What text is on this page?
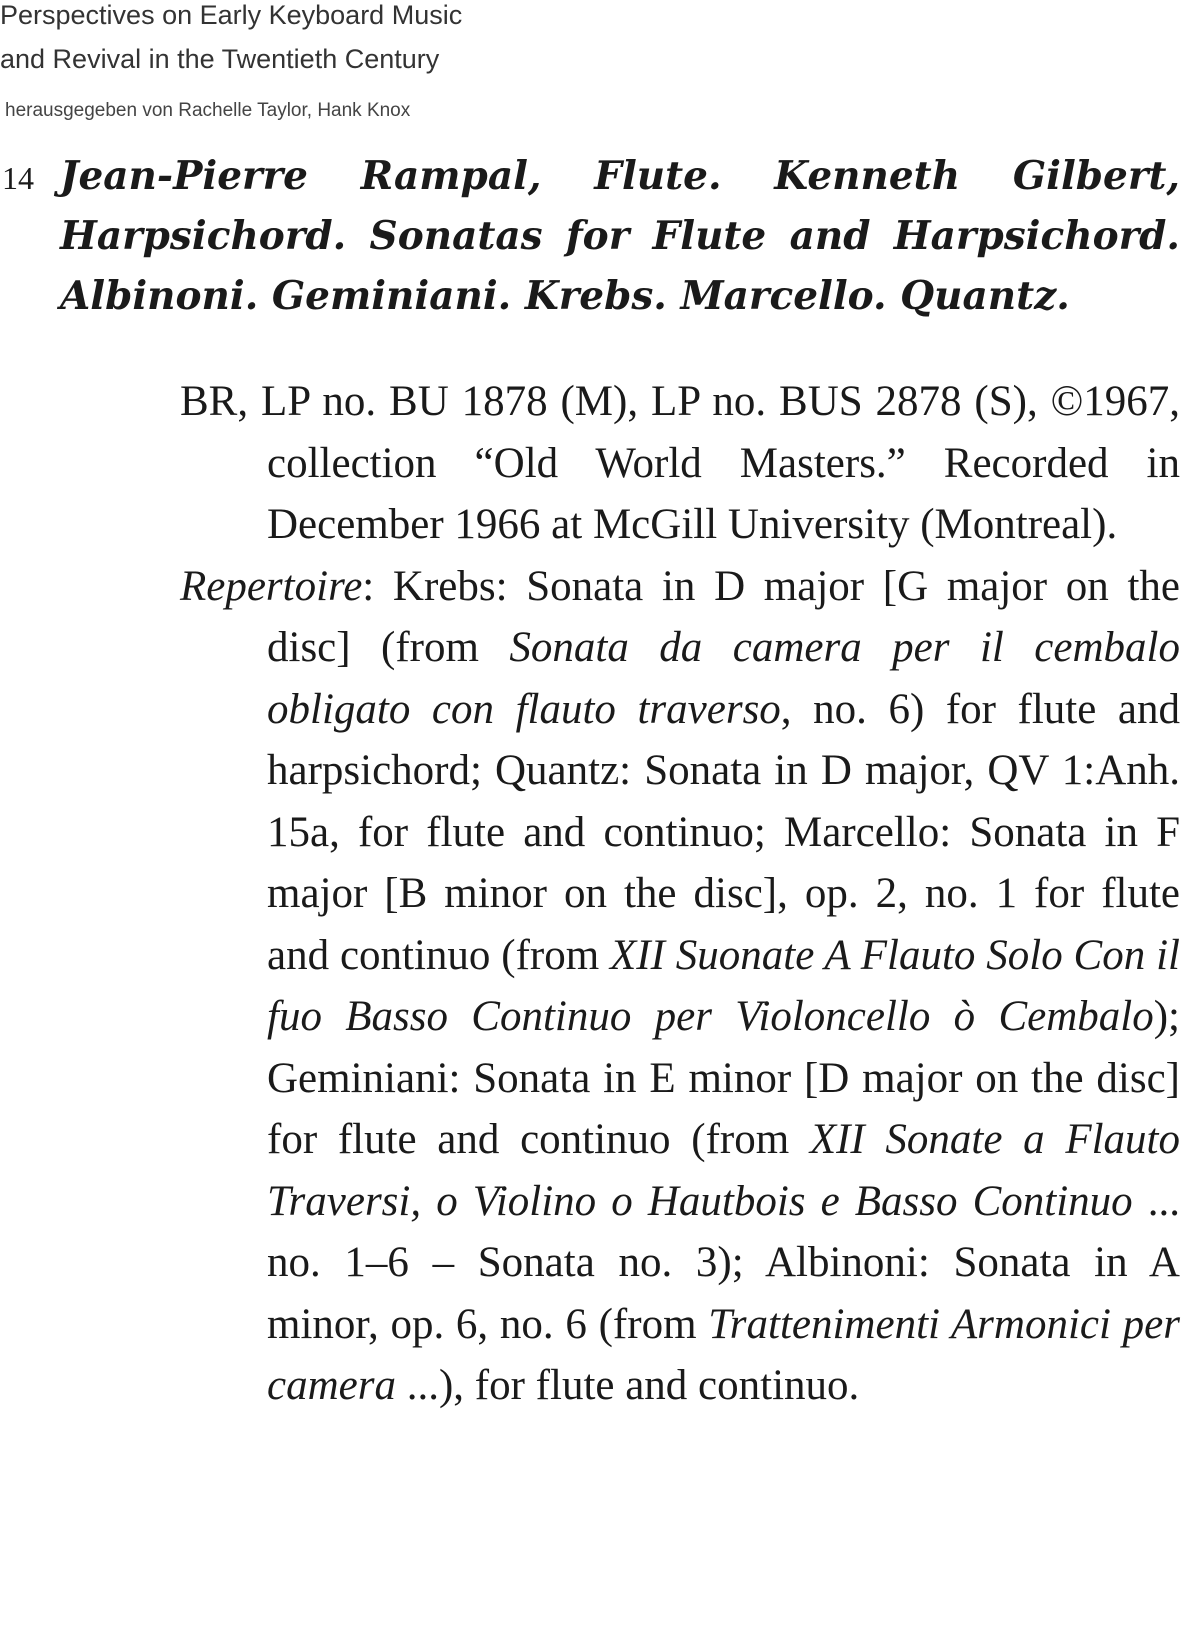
Perspectives on Early Keyboard Music
and Revival in the Twentieth Century
herausgegeben von Rachelle Taylor, Hank Knox
14 Jean-Pierre Rampal, Flute. Kenneth Gilbert, Harpsichord. Sonatas for Flute and Harpsichord. Albinoni. Geminiani. Krebs. Marcello. Quantz.

BR, LP no. BU 1878 (M), LP no. BUS 2878 (S), ©1967, collection “Old World Masters.” Recorded in December 1966 at McGill University (Montreal).

Repertoire: Krebs: Sonata in D major [G major on the disc] (from Sonata da camera per il cembalo obligato con flauto traverso, no. 6) for flute and harpsichord; Quantz: Sonata in D major, QV 1:Anh. 15a, for flute and continuo; Marcello: Sonata in F major [B minor on the disc], op. 2, no. 1 for flute and continuo (from XII Suonate A Flauto Solo Con il fuo Basso Continuo per Violoncello ò Cembalo); Geminiani: Sonata in E minor [D major on the disc] for flute and continuo (from XII Sonate a Flauto Traversi, o Violino o Hautbois e Basso Continuo ... no. 1–6 – Sonata no. 3); Albinoni: Sonata in A minor, op. 6, no. 6 (from Trattenimenti Armonici per camera ...), for flute and continuo.
